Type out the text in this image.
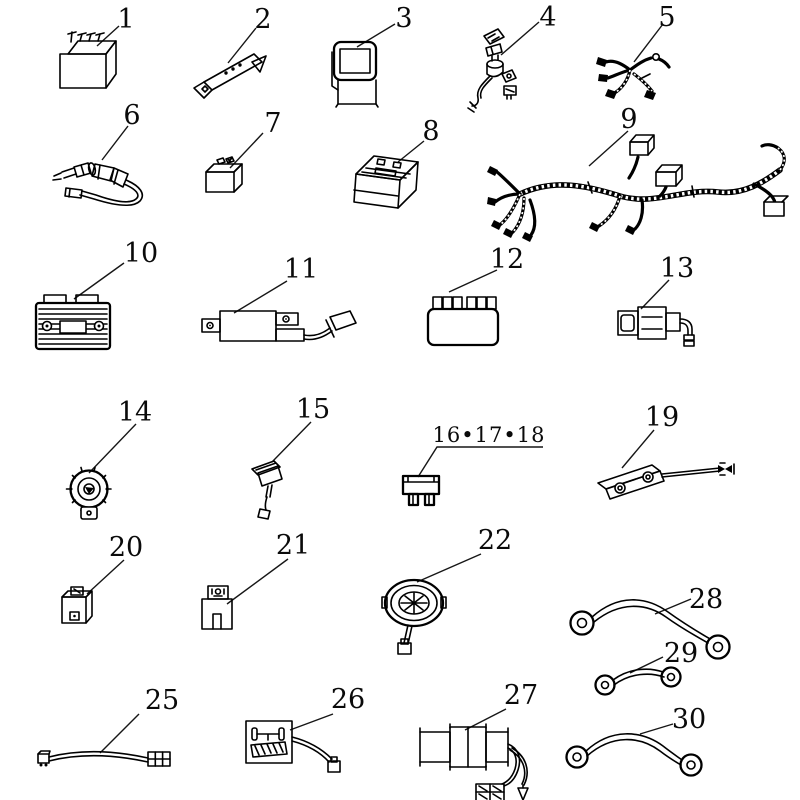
1	2	3	4	5
6	7	8	9
10
11	12	13
14	15
16•17•18
19
20	21	22
25	26	27
28
29
30
